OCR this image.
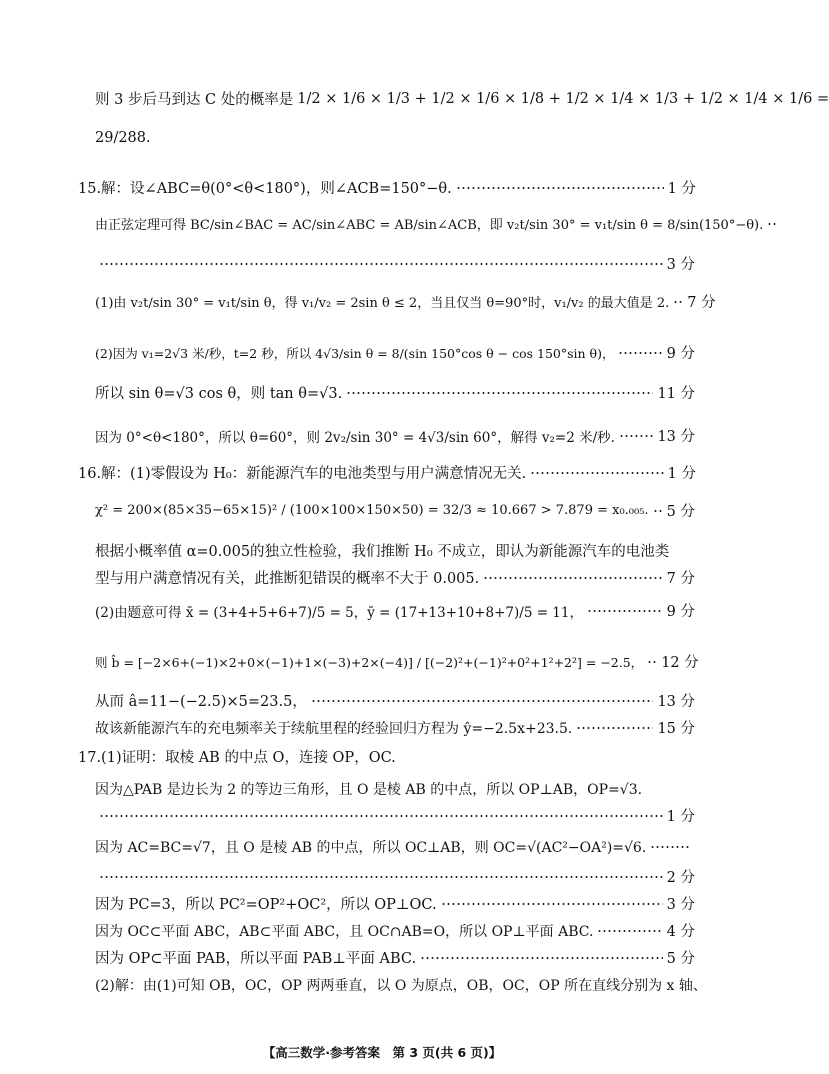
则 3 步后马到达 C 处的概率是 1/2 × 1/6 × 1/3 + 1/2 × 1/6 × 1/8 + 1/2 × 1/4 × 1/3 + 1/2 × 1/4 × 1/6 =
29/288.
15.解：设∠ABC=θ(0°<θ<180°)，则∠ACB=150°−θ.	1 分
由正弦定理可得 BC/sin∠BAC = AC/sin∠ABC = AB/sin∠ACB，即 v₂t/sin 30° = v₁t/sin θ = 8/sin(150°−θ).
3 分
(1)由 v₂t/sin 30° = v₁t/sin θ，得 v₁/v₂ = 2sin θ ≤ 2，当且仅当 θ=90°时，v₁/v₂ 的最大值是 2. 7 分
(2)因为 v₁=2√3 米/秒，t=2 秒，所以 4√3/sin θ = 8/(sin 150°cos θ − cos 150°sin θ)，	9 分
所以 sin θ=√3 cos θ，则 tan θ=√3.	11 分
因为 0°<θ<180°，所以 θ=60°，则 2v₂/sin 30° = 4√3/sin 60°，解得 v₂=2 米/秒.	13 分
16.解：(1)零假设为 H₀：新能源汽车的电池类型与用户满意情况无关.	1 分
χ² = 200×(85×35−65×15)² / (100×100×150×50) = 32/3 ≈ 10.667 > 7.879 = x₀.₀₀₅. 5 分
根据小概率值 α=0.005的独立性检验，我们推断 H₀ 不成立，即认为新能源汽车的电池类
型与用户满意情况有关，此推断犯错误的概率不大于 0.005.	7 分
(2)由题意可得 x̄ = (3+4+5+6+7)/5 = 5，ȳ = (17+13+10+8+7)/5 = 11，	9 分
则 b̂ = [−2×6+(−1)×2+0×(−1)+1×(−3)+2×(−4)] / [(−2)²+(−1)²+0²+1²+2²] = −2.5， 12 分
从而 â=11−(−2.5)×5=23.5，	13 分
故该新能源汽车的充电频率关于续航里程的经验回归方程为 ŷ=−2.5x+23.5.	15 分
17.(1)证明：取棱 AB 的中点 O，连接 OP，OC.
因为△PAB 是边长为 2 的等边三角形，且 O 是棱 AB 的中点，所以 OP⊥AB，OP=√3.
1 分
因为 AC=BC=√7，且 O 是棱 AB 的中点，所以 OC⊥AB，则 OC=√(AC²−OA²)=√6.
2 分
因为 PC=3，所以 PC²=OP²+OC²，所以 OP⊥OC.	3 分
因为 OC⊂平面 ABC，AB⊂平面 ABC，且 OC∩AB=O，所以 OP⊥平面 ABC.	4 分
因为 OP⊂平面 PAB，所以平面 PAB⊥平面 ABC.	5 分
(2)解：由(1)可知 OB，OC，OP 两两垂直，以 O 为原点，OB，OC，OP 所在直线分别为 x 轴、
【高三数学·参考答案　第 3 页(共 6 页)】
